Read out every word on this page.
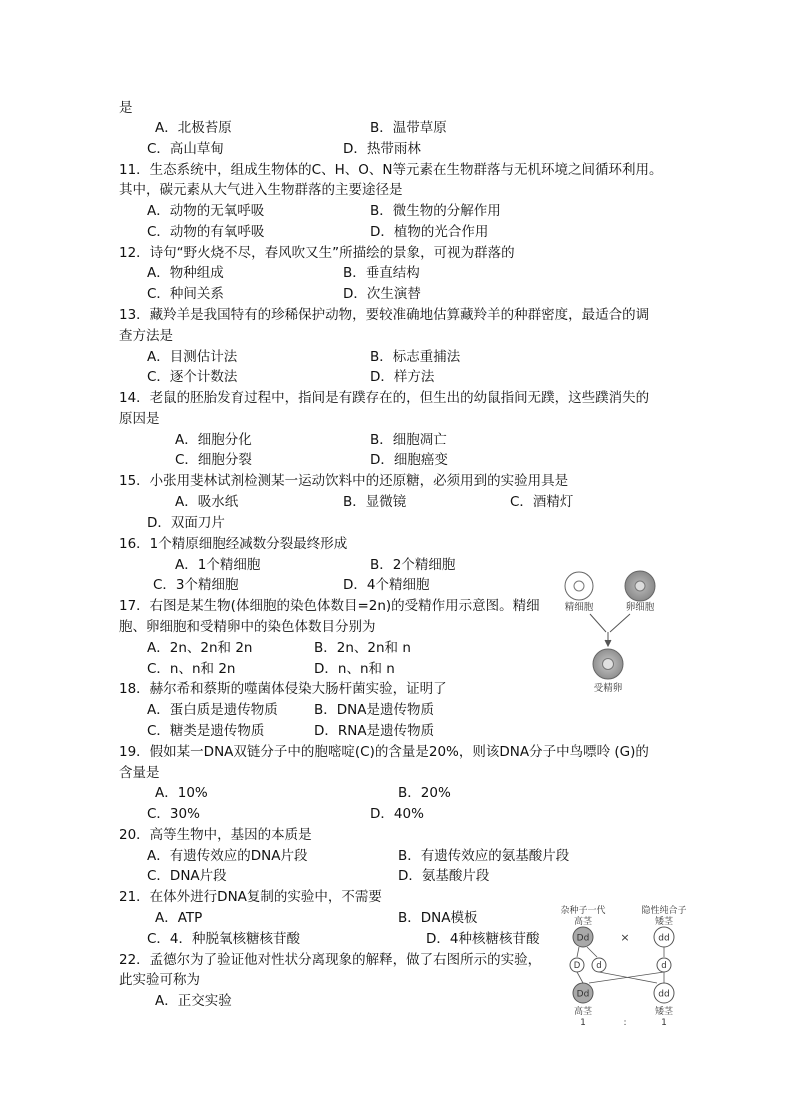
是
A．北极苔原	B．温带草原
C．高山草甸	D．热带雨林
11．生态系统中，组成生物体的C、H、O、N等元素在生物群落与无机环境之间循环利用。
其中，碳元素从大气进入生物群落的主要途径是
A．动物的无氧呼吸	B．微生物的分解作用
C．动物的有氧呼吸	D．植物的光合作用
12．诗句“野火烧不尽，春风吹又生”所描绘的景象，可视为群落的
A．物种组成	B．垂直结构
C．种间关系	D．次生演替
13．藏羚羊是我国特有的珍稀保护动物，要较准确地估算藏羚羊的种群密度，最适合的调
查方法是
A．目测估计法	B．标志重捕法
C．逐个计数法	D．样方法
14．老鼠的胚胎发育过程中，指间是有蹼存在的，但生出的幼鼠指间无蹼，这些蹼消失的
原因是
A．细胞分化	B．细胞凋亡
C．细胞分裂	D．细胞癌变
15．小张用斐林试剂检测某一运动饮料中的还原糖，必须用到的实验用具是
A．吸水纸	B．显微镜	C．酒精灯
D．双面刀片
16．1个精原细胞经减数分裂最终形成
A．1个精细胞	B．2个精细胞
C．3个精细胞	D．4个精细胞
17．右图是某生物(体细胞的染色体数目=2n)的受精作用示意图。精细
胞、卵细胞和受精卵中的染色体数目分别为
A．2n、2n和 2n	B．2n、2n和 n
C．n、n和 2n	D．n、n和 n
18．赫尔希和蔡斯的噬菌体侵染大肠杆菌实验，证明了
A．蛋白质是遗传物质	B．DNA是遗传物质
C．糖类是遗传物质	D．RNA是遗传物质
19．假如某一DNA双链分子中的胞嘧啶(C)的含量是20%，则该DNA分子中鸟嘌呤 (G)的
含量是
A．10%	B．20%
C．30%	D．40%
20．高等生物中，基因的本质是
A．有遗传效应的DNA片段	B．有遗传效应的氨基酸片段
C．DNA片段	D．氨基酸片段
21．在体外进行DNA复制的实验中，不需要
A．ATP	B．DNA模板
C．4．种脱氧核糖核苷酸	D．4种核糖核苷酸
22．孟德尔为了验证他对性状分离现象的解释，做了右图所示的实验，
此实验可称为
A．正交实验
精细胞	卵细胞
受精卵
杂种子一代
高茎
隐性纯合子
矮茎
Dd	×	dd
D d	d
Dd	dd
高茎	矮茎
1	:	1
